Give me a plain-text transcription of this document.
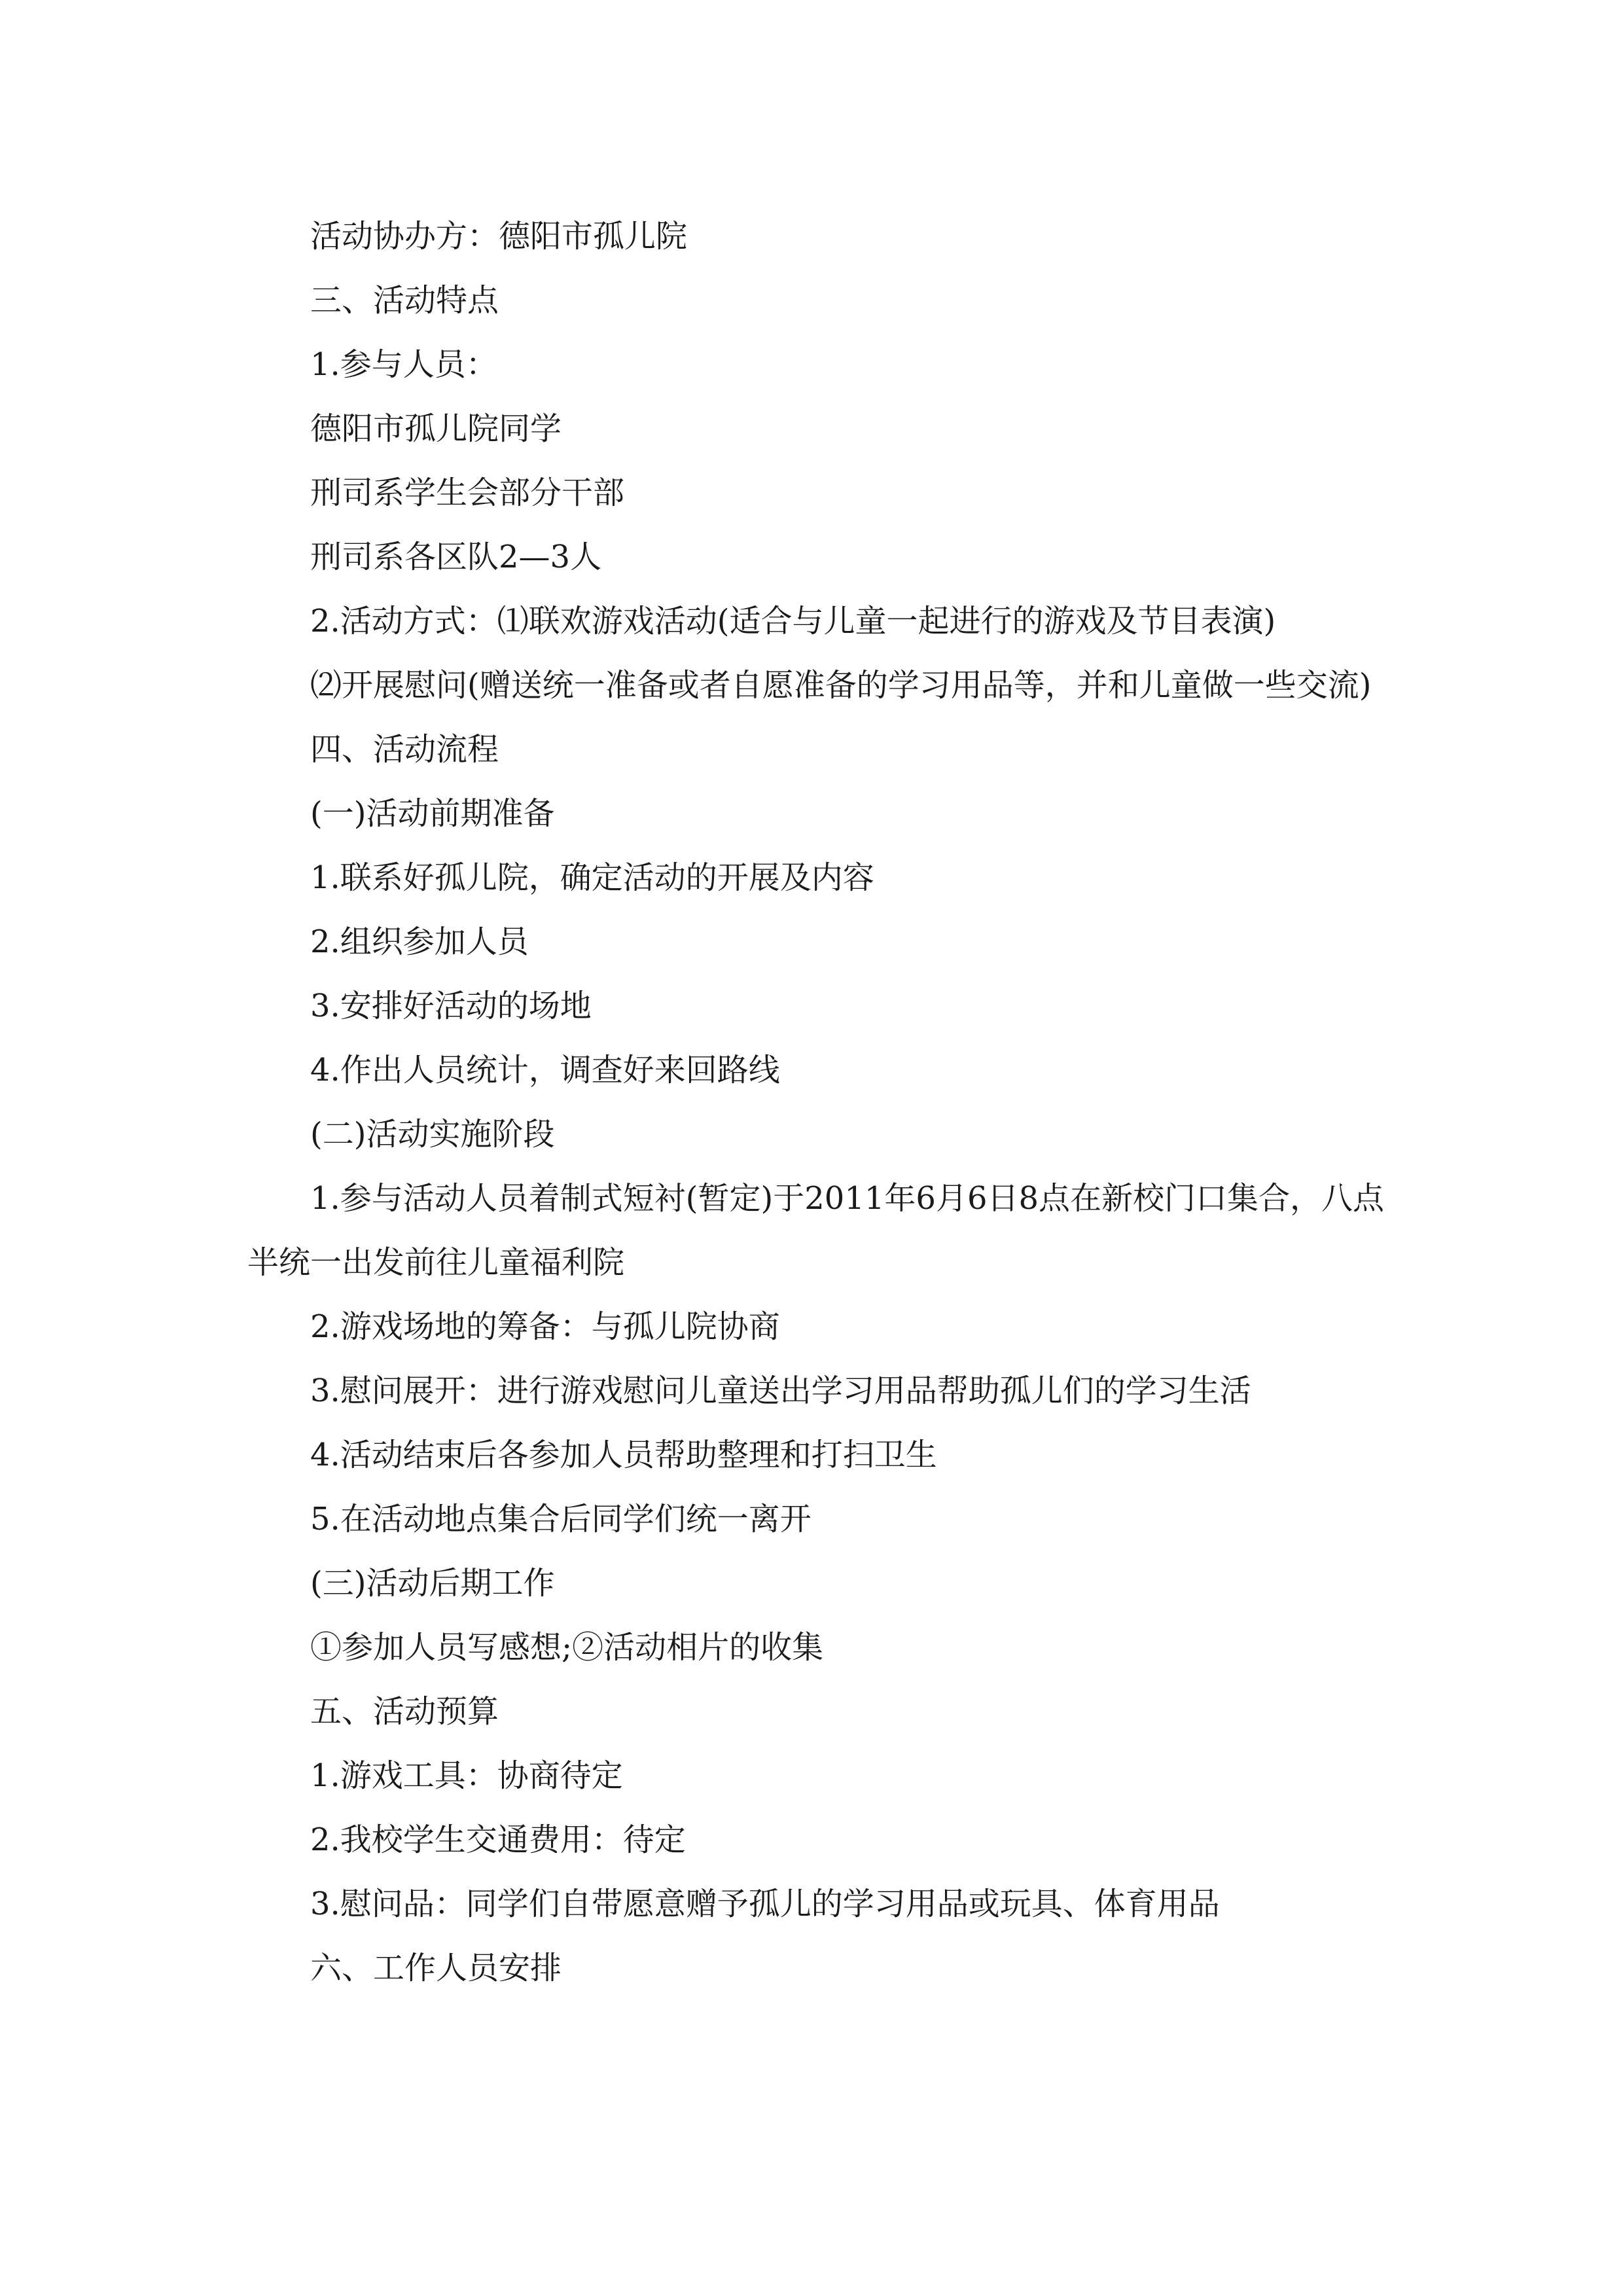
活动协办方：德阳市孤儿院

三、活动特点

1.参与人员：

德阳市孤儿院同学

刑司系学生会部分干部

刑司系各区队2—3人

2.活动方式：⑴联欢游戏活动(适合与儿童一起进行的游戏及节目表演)

⑵开展慰问(赠送统一准备或者自愿准备的学习用品等，并和儿童做一些交流)

四、活动流程

(一)活动前期准备

1.联系好孤儿院，确定活动的开展及内容

2.组织参加人员

3.安排好活动的场地

4.作出人员统计，调查好来回路线

(二)活动实施阶段

1.参与活动人员着制式短衬(暂定)于2011年6月6日8点在新校门口集合，八点半统一出发前往儿童福利院

2.游戏场地的筹备：与孤儿院协商

3.慰问展开：进行游戏慰问儿童送出学习用品帮助孤儿们的学习生活

4.活动结束后各参加人员帮助整理和打扫卫生

5.在活动地点集合后同学们统一离开

(三)活动后期工作

①参加人员写感想;②活动相片的收集

五、活动预算

1.游戏工具：协商待定

2.我校学生交通费用：待定

3.慰问品：同学们自带愿意赠予孤儿的学习用品或玩具、体育用品

六、工作人员安排
